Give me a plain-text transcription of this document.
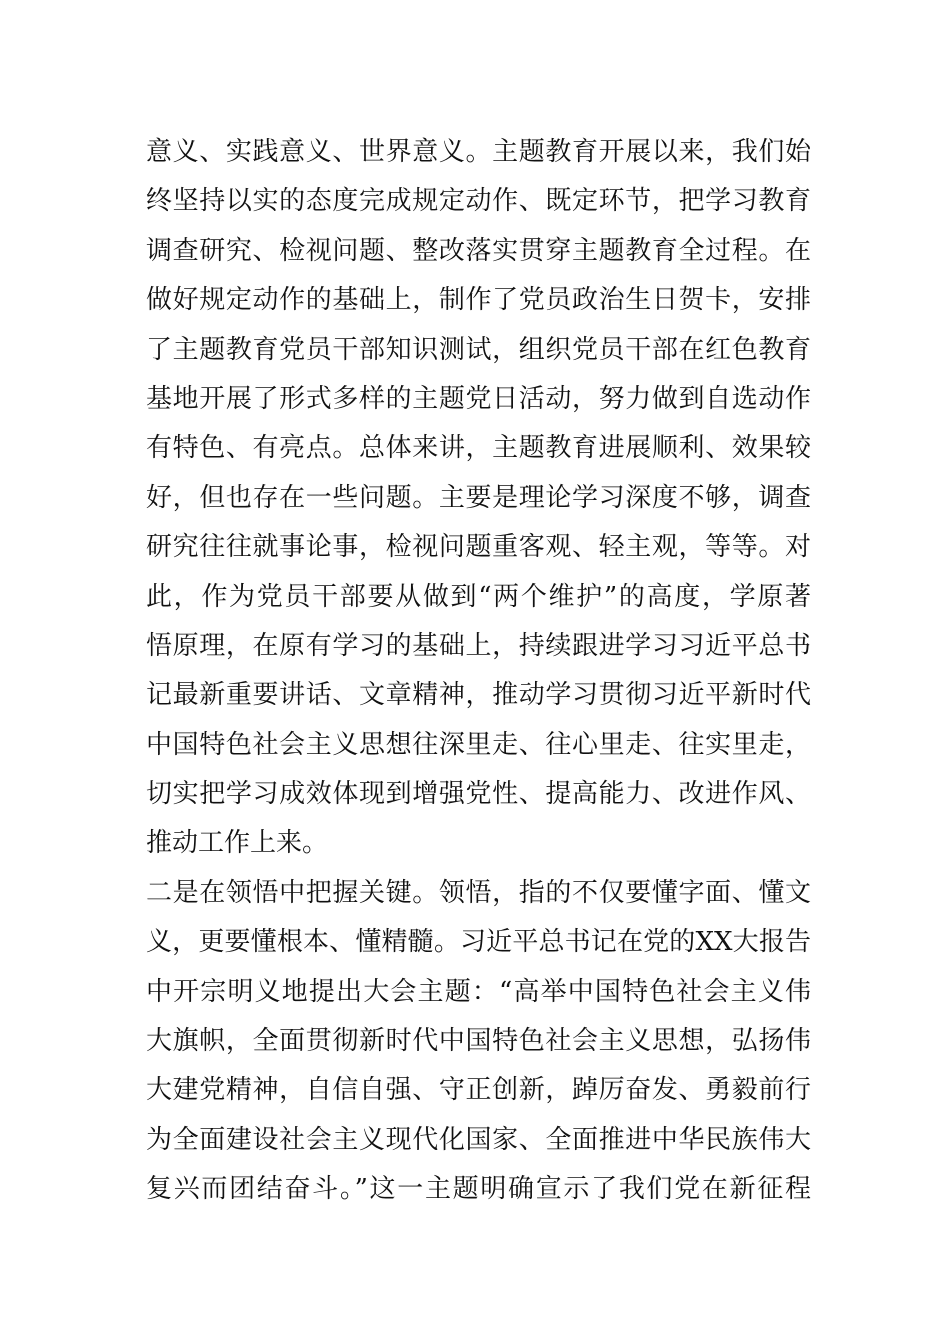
意义、实践意义、世界意义。主题教育开展以来，我们始
终坚持以实的态度完成规定动作、既定环节，把学习教育
调查研究、检视问题、整改落实贯穿主题教育全过程。在
做好规定动作的基础上，制作了党员政治生日贺卡，安排
了主题教育党员干部知识测试，组织党员干部在红色教育
基地开展了形式多样的主题党日活动，努力做到自选动作
有特色、有亮点。总体来讲，主题教育进展顺利、效果较
好，但也存在一些问题。主要是理论学习深度不够，调查
研究往往就事论事，检视问题重客观、轻主观，等等。对
此，作为党员干部要从做到“两个维护”的高度，学原著
悟原理，在原有学习的基础上，持续跟进学习习近平总书
记最新重要讲话、文章精神，推动学习贯彻习近平新时代
中国特色社会主义思想往深里走、往心里走、往实里走，
切实把学习成效体现到增强党性、提高能力、改进作风、
推动工作上来。
二是在领悟中把握关键。领悟，指的不仅要懂字面、懂文
义，更要懂根本、懂精髓。习近平总书记在党的XX大报告
中开宗明义地提出大会主题：“高举中国特色社会主义伟
大旗帜，全面贯彻新时代中国特色社会主义思想，弘扬伟
大建党精神，自信自强、守正创新，踔厉奋发、勇毅前行
为全面建设社会主义现代化国家、全面推进中华民族伟大
复兴而团结奋斗。”这一主题明确宣示了我们党在新征程
